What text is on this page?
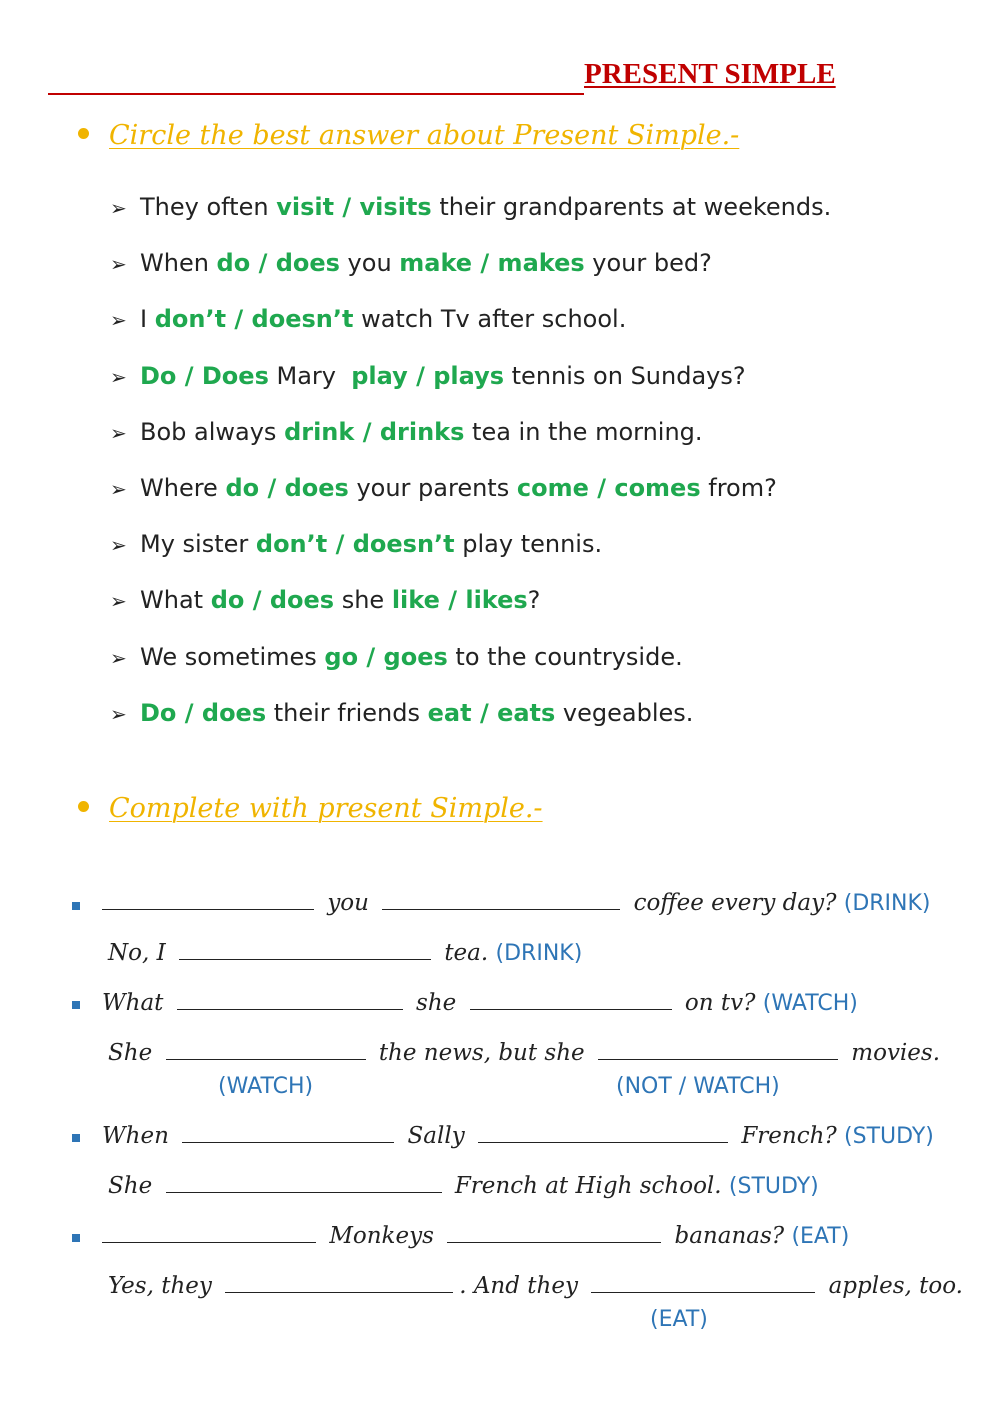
PRESENT SIMPLE
Circle the best answer about Present Simple.-
➢ They often visit / visits their grandparents at weekends.
➢ When do / does you make / makes your bed?
➢ I don’t / doesn’t watch Tv after school.
➢ Do / Does Mary  play / plays tennis on Sundays?
➢ Bob always drink / drinks tea in the morning.
➢ Where do / does your parents come / comes from?
➢ My sister don’t / doesn’t play tennis.
➢ What do / does she like / likes?
➢ We sometimes go / goes to the countryside.
➢ Do / does their friends eat / eats vegeables.
Complete with present Simple.-
you	coffee every day? (DRINK)
No, I	tea. (DRINK)
What	she	on tv? (WATCH)
She	the news, but she	movies.
(WATCH)	(NOT / WATCH)
When	Sally	French? (STUDY)
She	French at High school. (STUDY)
Monkeys	bananas? (EAT)
Yes, they	. And they	apples, too.
(EAT)
